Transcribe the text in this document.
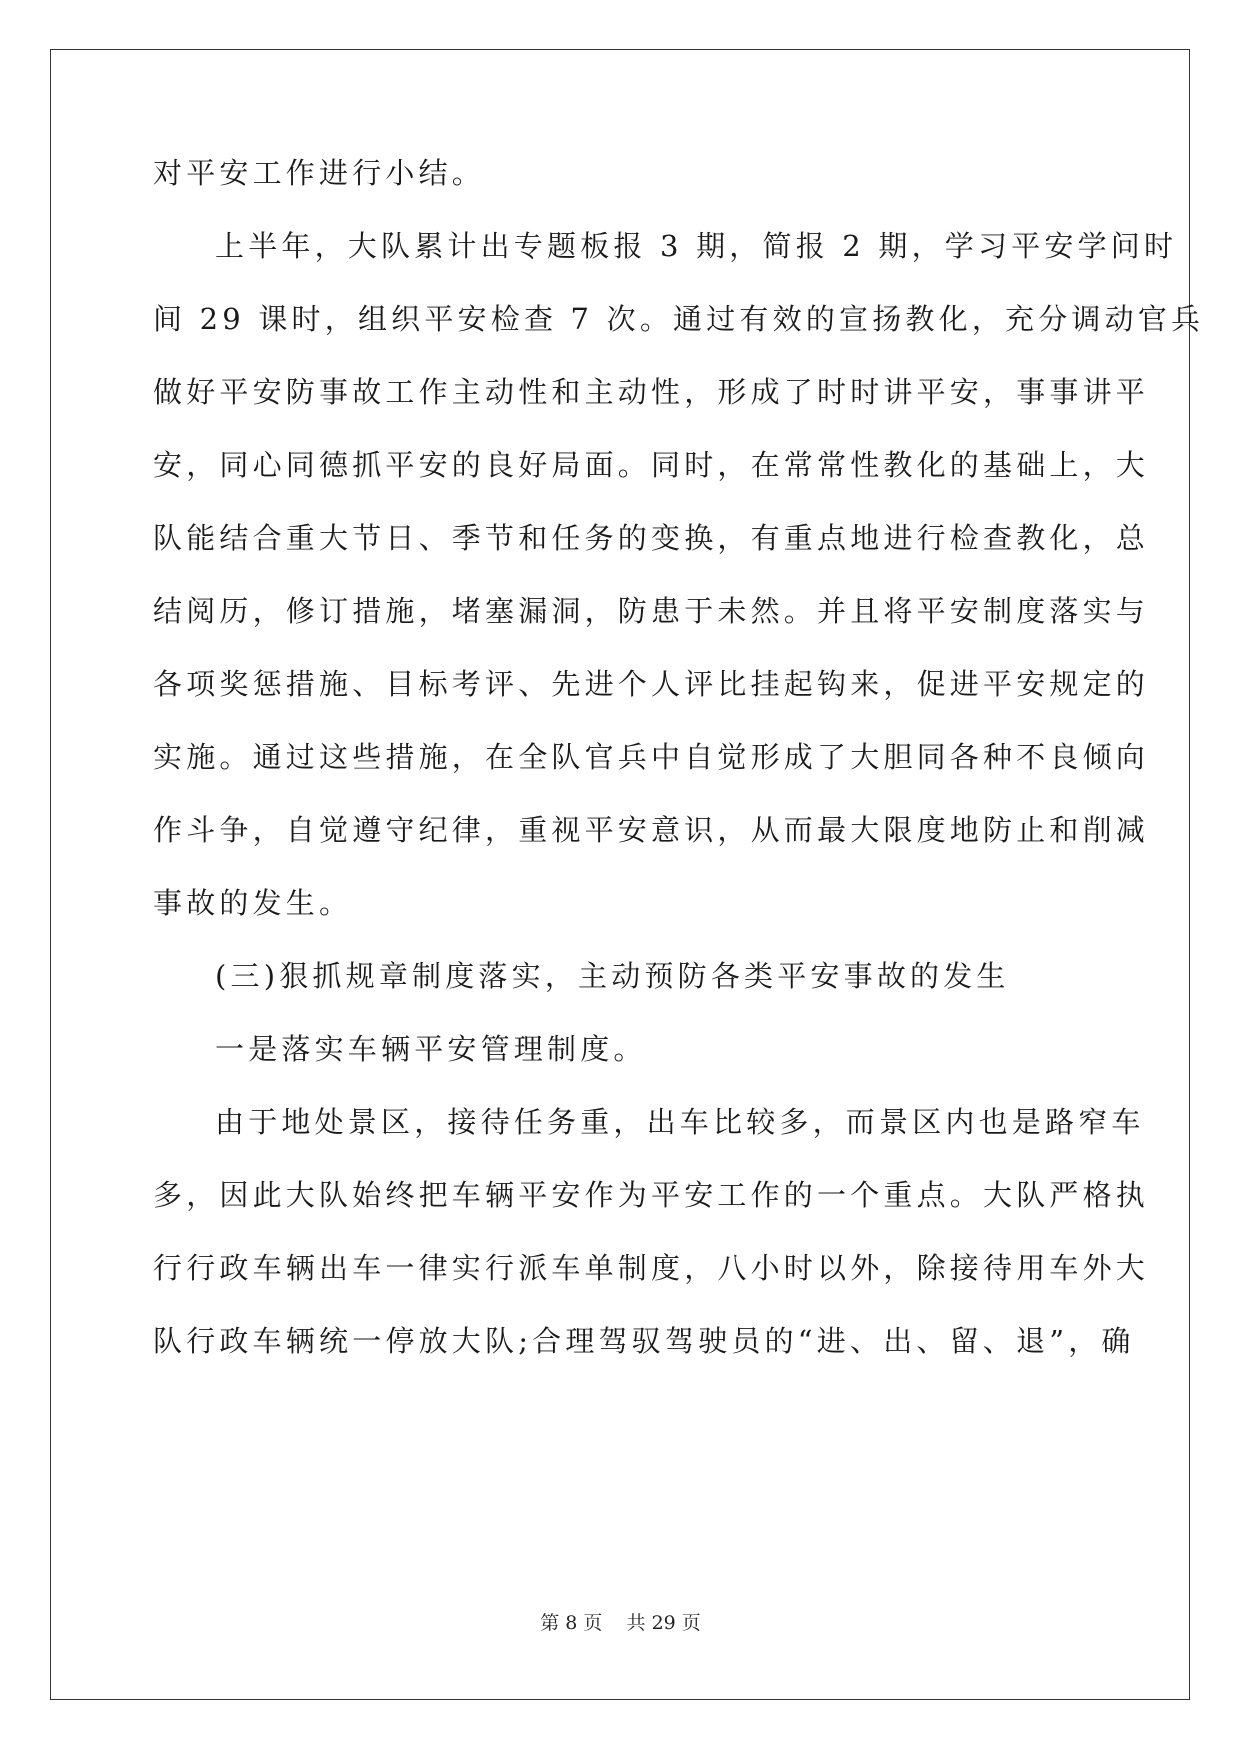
对平安工作进行小结。
上半年，大队累计出专题板报 3 期，简报 2 期，学习平安学问时
间 29 课时，组织平安检查 7 次。通过有效的宣扬教化，充分调动官兵
做好平安防事故工作主动性和主动性，形成了时时讲平安，事事讲平
安，同心同德抓平安的良好局面。同时，在常常性教化的基础上，大
队能结合重大节日、季节和任务的变换，有重点地进行检查教化，总
结阅历，修订措施，堵塞漏洞，防患于未然。并且将平安制度落实与
各项奖惩措施、目标考评、先进个人评比挂起钩来，促进平安规定的
实施。通过这些措施，在全队官兵中自觉形成了大胆同各种不良倾向
作斗争，自觉遵守纪律，重视平安意识，从而最大限度地防止和削减
事故的发生。
(三)狠抓规章制度落实，主动预防各类平安事故的发生
一是落实车辆平安管理制度。
由于地处景区，接待任务重，出车比较多，而景区内也是路窄车
多，因此大队始终把车辆平安作为平安工作的一个重点。大队严格执
行行政车辆出车一律实行派车单制度，八小时以外，除接待用车外大
队行政车辆统一停放大队;合理驾驭驾驶员的“进、出、留、退”，确
第 8 页    共 29 页
